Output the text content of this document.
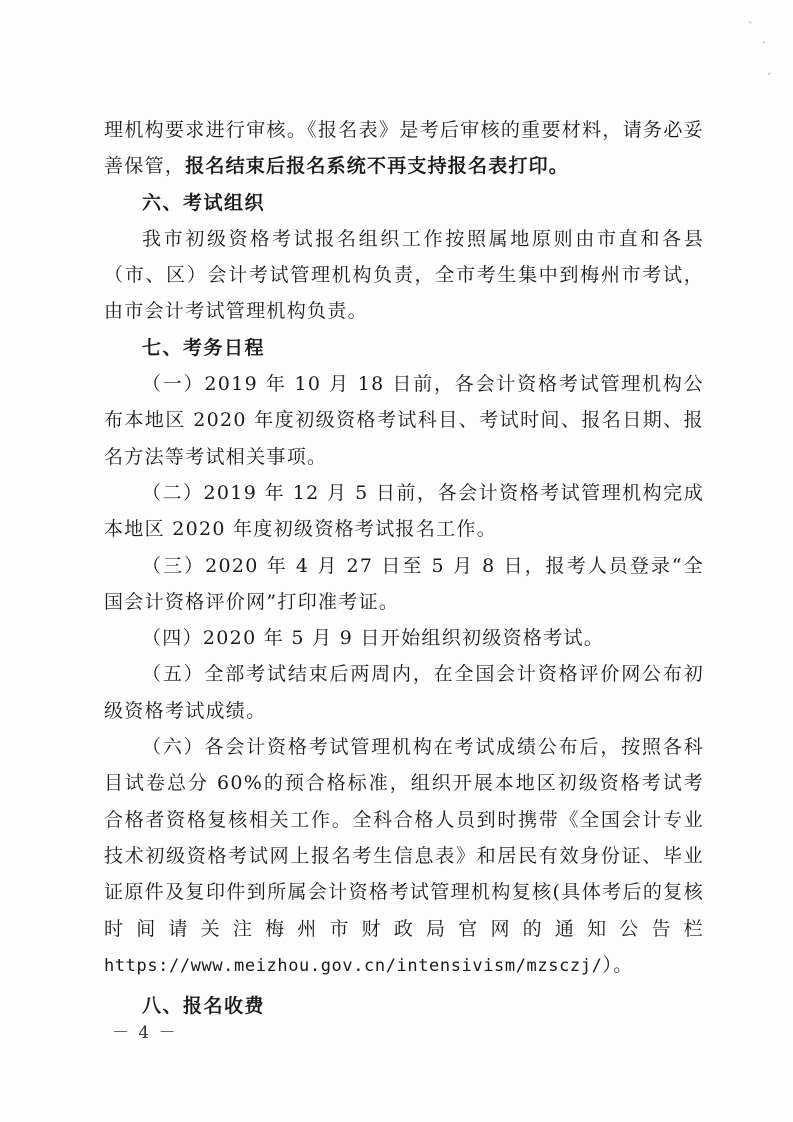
理机构要求进行审核。《报名表》是考后审核的重要材料，请务必妥善保管，报名结束后报名系统不再支持报名表打印。

六、考试组织

我市初级资格考试报名组织工作按照属地原则由市直和各县（市、区）会计考试管理机构负责，全市考生集中到梅州市考试，由市会计考试管理机构负责。

七、考务日程

（一）2019 年 10 月 18 日前，各会计资格考试管理机构公布本地区 2020 年度初级资格考试科目、考试时间、报名日期、报名方法等考试相关事项。

（二）2019 年 12 月 5 日前，各会计资格考试管理机构完成本地区 2020 年度初级资格考试报名工作。

（三）2020 年 4 月 27 日至 5 月 8 日，报考人员登录“全国会计资格评价网”打印准考证。

（四）2020 年 5 月 9 日开始组织初级资格考试。

（五）全部考试结束后两周内，在全国会计资格评价网公布初级资格考试成绩。

（六）各会计资格考试管理机构在考试成绩公布后，按照各科目试卷总分 60%的预合格标准，组织开展本地区初级资格考试考合格者资格复核相关工作。全科合格人员到时携带《全国会计专业技术初级资格考试网上报名考生信息表》和居民有效身份证、毕业证原件及复印件到所属会计资格考试管理机构复核(具体考后的复核时间请关注梅州市财政局官网的通知公告栏https://www.meizhou.gov.cn/intensivism/mzsczj/）。

八、报名收费

－ 4 －
ˋ
·
ˏ
